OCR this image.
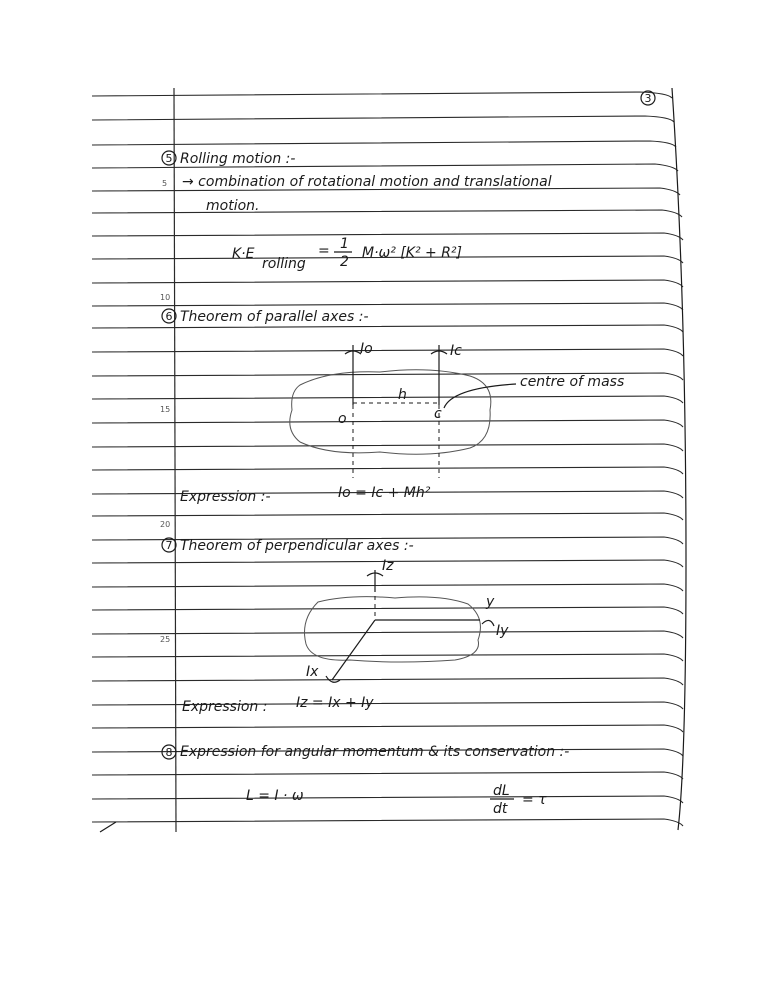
3
5
10
15
20
25
5 Rolling motion :-
→ combination of rotational motion and translational
motion.
K·E
rolling
= 1
2
M·ω² [K² + R²]
6 Theorem of parallel axes :-
Io	Ic
h
o	c
centre of mass
Expression :-	Io = Ic + Mh²
7 Theorem of perpendicular axes :-
Iz
y
Iy
Ix
Expression : Iz = Ix + Iy
8 Expression for angular momentum & its conservation :-
L = I · ω	dL
dt
= τ
